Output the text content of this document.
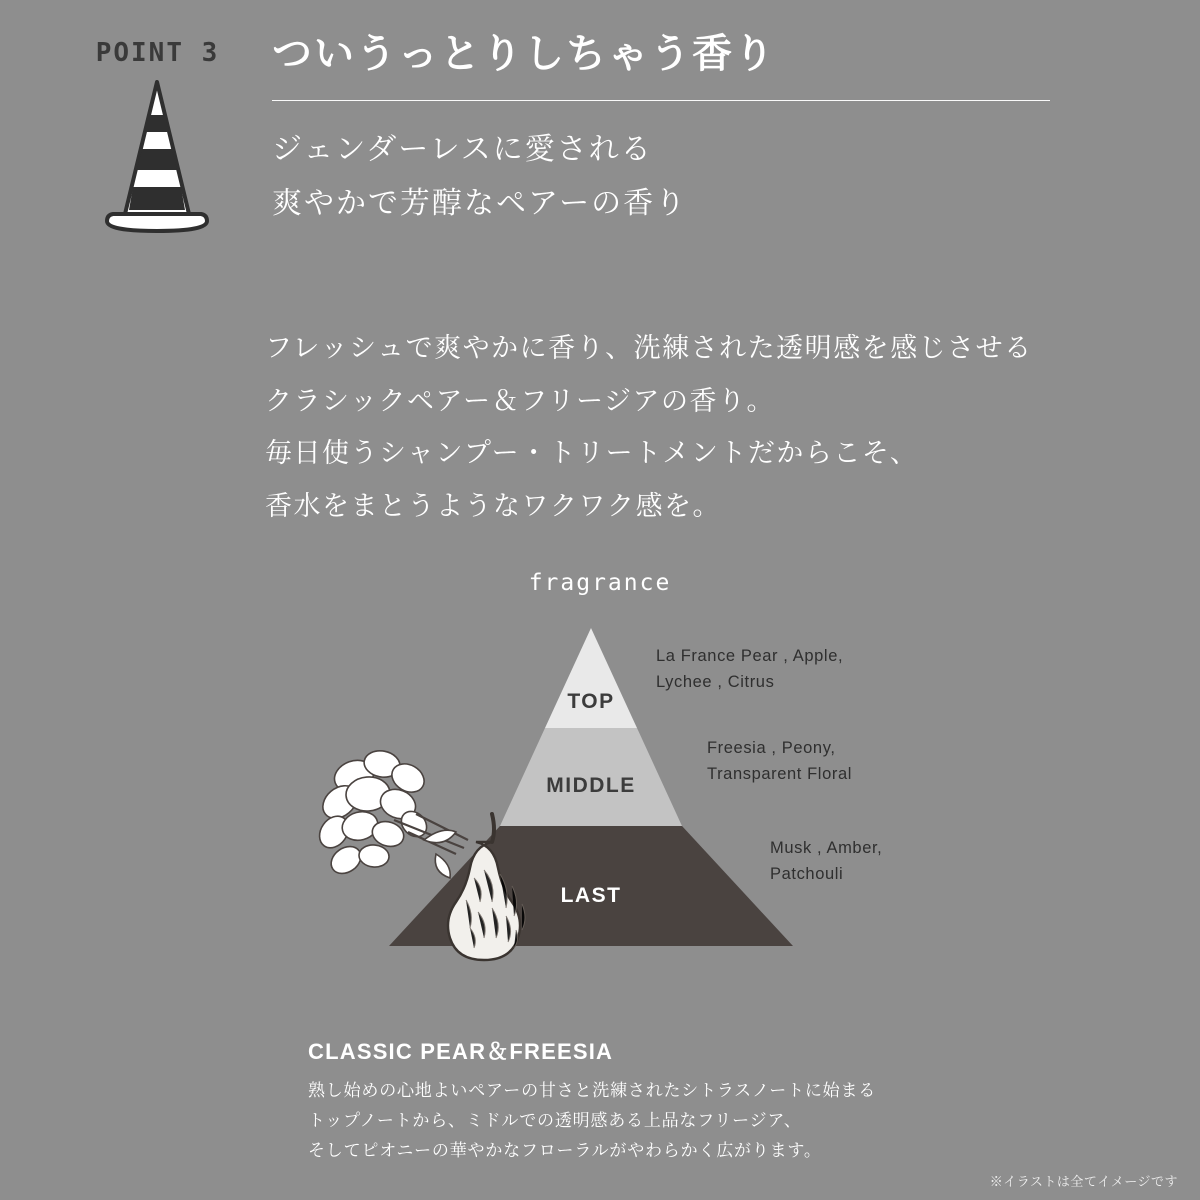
POINT 3 ついうっとりしちゃう香り

ジェンダーレスに愛される

爽やかで芳醇なペアーの香り

フレッシュで爽やかに香り、洗練された透明感を感じさせる

クラシックペアー＆フリージアの香り。

毎日使うシャンプー・トリートメントだからこそ、

香水をまとうようなワクワク感を。

fragrance
TOP
MIDDLE
LAST
La France Pear , Apple,
Lychee , Citrus
Freesia , Peony,
Transparent Floral
Musk , Amber,
Patchouli
CLASSIC PEAR＆FREESIA

熟し始めの心地よいペアーの甘さと洗練されたシトラスノートに始まる

トップノートから、ミドルでの透明感ある上品なフリージア、

そしてピオニーの華やかなフローラルがやわらかく広がります。

※イラストは全てイメージです
